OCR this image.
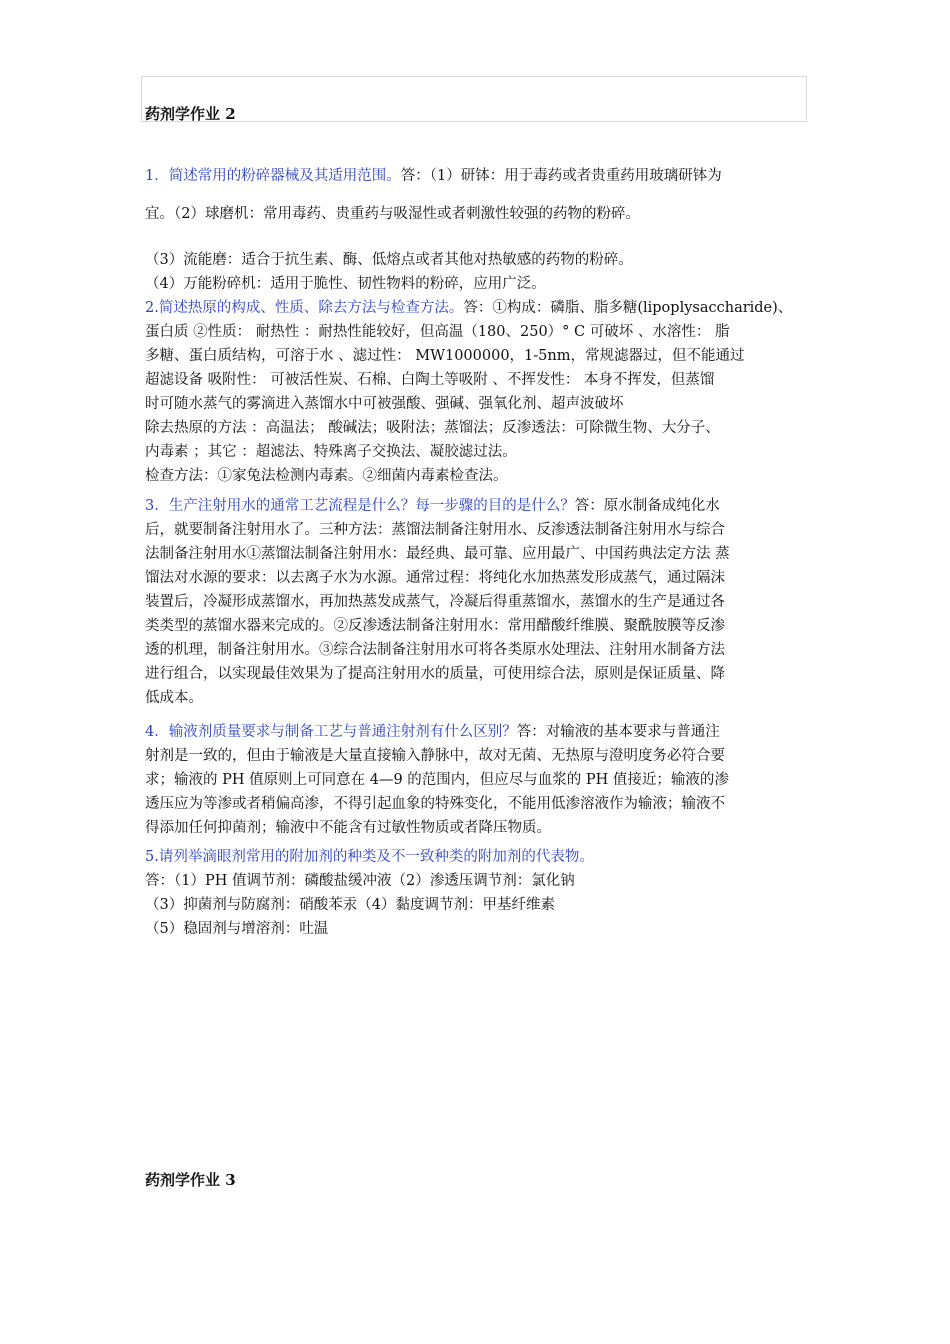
药剂学作业 2
1．简述常用的粉碎器械及其适用范围。答：（1）研钵：用于毒药或者贵重药用玻璃研钵为
宜。（2）球磨机：常用毒药、贵重药与吸湿性或者刺激性较强的药物的粉碎。
（3）流能磨：适合于抗生素、酶、低熔点或者其他对热敏感的药物的粉碎。
（4）万能粉碎机：适用于脆性、韧性物料的粉碎，应用广泛。
2.简述热原的构成、性质、除去方法与检查方法。答：①构成：磷脂、脂多糖(lipoplysaccharide)、
蛋白质 ②性质： 耐热性 ：耐热性能较好，但高温（180、250）° C 可破坏 、水溶性： 脂
多糖、蛋白质结构，可溶于水 、滤过性： MW1000000，1-5nm，常规滤器过，但不能通过
超滤设备 吸附性： 可被活性炭、石棉、白陶土等吸附 、不挥发性： 本身不挥发，但蒸馏
时可随水蒸气的雾滴进入蒸馏水中可被强酸、强碱、强氧化剂、超声波破坏
除去热原的方法 ：高温法； 酸碱法；吸附法；蒸馏法；反渗透法：可除微生物、大分子、
内毒素 ；其它 ：超滤法、特殊离子交换法、凝胶滤过法。
检查方法：①家兔法检测内毒素。②细菌内毒素检查法。
3．生产注射用水的通常工艺流程是什么？每一步骤的目的是什么？答：原水制备成纯化水
后，就要制备注射用水了。三种方法：蒸馏法制备注射用水、反渗透法制备注射用水与综合
法制备注射用水①蒸馏法制备注射用水：最经典、最可靠、应用最广、中国药典法定方法 蒸
馏法对水源的要求：以去离子水为水源。通常过程：将纯化水加热蒸发形成蒸气，通过隔沫
装置后，冷凝形成蒸馏水，再加热蒸发成蒸气，冷凝后得重蒸馏水，蒸馏水的生产是通过各
类类型的蒸馏水器来完成的。②反渗透法制备注射用水：常用醋酸纤维膜、聚酰胺膜等反渗
透的机理，制备注射用水。③综合法制备注射用水可将各类原水处理法、注射用水制备方法
进行组合，以实现最佳效果为了提高注射用水的质量，可使用综合法，原则是保证质量、降
低成本。
4．输液剂质量要求与制备工艺与普通注射剂有什么区别？答：对输液的基本要求与普通注
射剂是一致的，但由于输液是大量直接输入静脉中，故对无菌、无热原与澄明度务必符合要
求；输液的 PH 值原则上可同意在 4—9 的范围内，但应尽与血浆的 PH 值接近；输液的渗
透压应为等渗或者稍偏高渗，不得引起血象的特殊变化，不能用低渗溶液作为输液；输液不
得添加任何抑菌剂；输液中不能含有过敏性物质或者降压物质。
5.请列举滴眼剂常用的附加剂的种类及不一致种类的附加剂的代表物。
答：（1）PH 值调节剂：磷酸盐缓冲液（2）渗透压调节剂：氯化钠
（3）抑菌剂与防腐剂：硝酸苯汞（4）黏度调节剂：甲基纤维素
（5）稳固剂与增溶剂：吐温
药剂学作业 3
